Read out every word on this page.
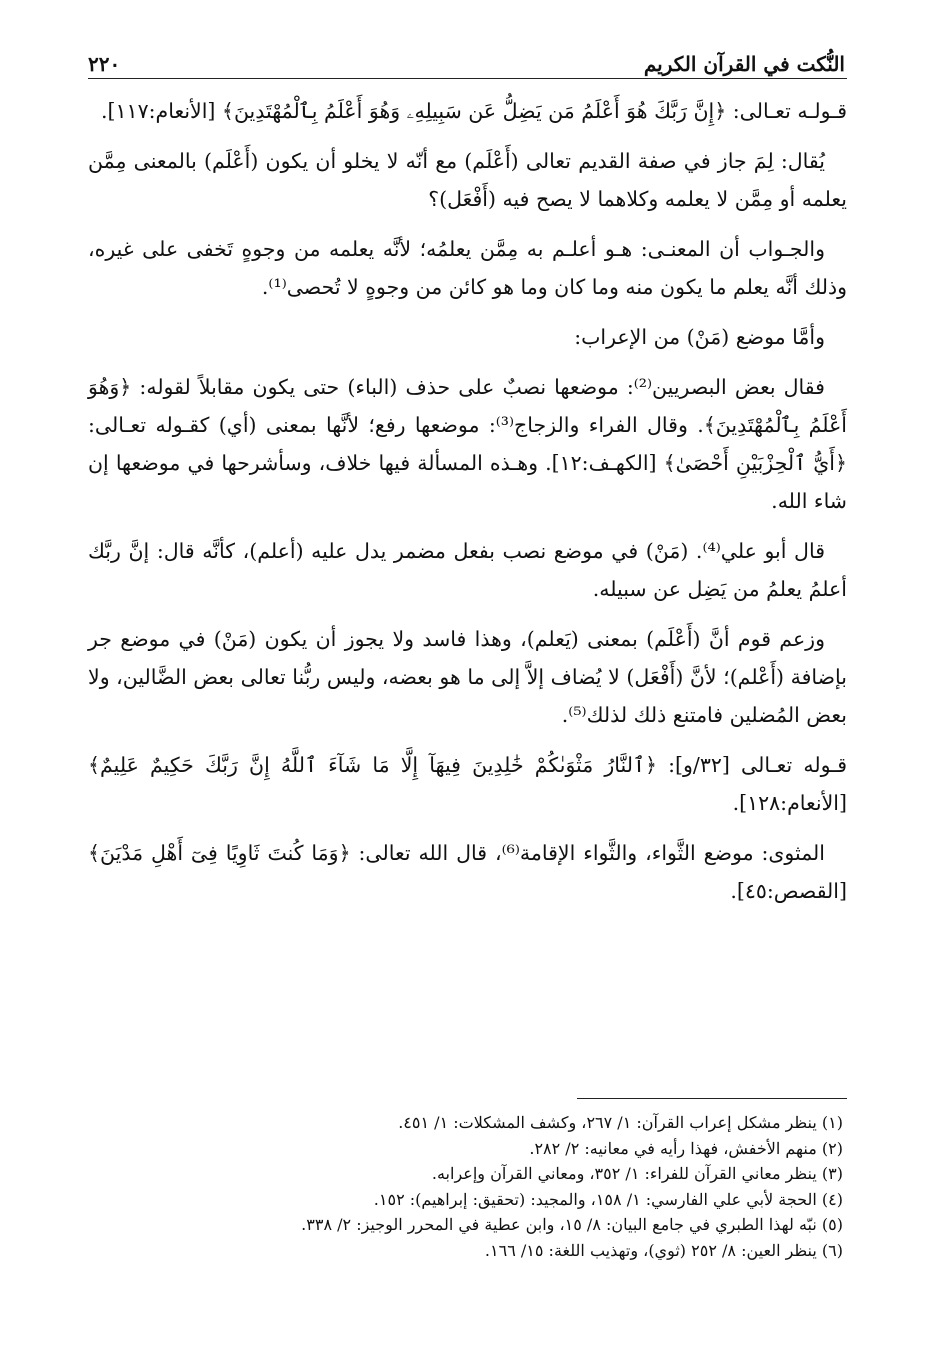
النُّكت في القرآن الكريم
٢٢٠

قـولـه تعـالى: ﴿إِنَّ رَبَّكَ هُوَ أَعْلَمُ مَن يَضِلُّ عَن سَبِيلِهِۦ وَهُوَ أَعْلَمُ بِٱلْمُهْتَدِينَ﴾ [الأنعام:١١٧].

يُقال: لِمَ جاز في صفة القديم تعالى (أَعْلَم) مع أنّه لا يخلو أن يكون (أَعْلَم) بالمعنى مِمَّن يعلمه أو مِمَّن لا يعلمه وكلاهما لا يصح فيه (أَفْعَل)؟

والجـواب أن المعنـى: هـو أعلـم به مِمَّن يعلمُه؛ لأنَّه يعلمه من وجوهٍ تَخفى على غيره، وذلك أنَّه يعلم ما يكون منه وما كان وما هو كائن من وجوهٍ لا تُحصى⁽¹⁾.

وأمَّا موضع (مَنْ) من الإعراب:

فقال بعض البصريين⁽²⁾: موضعها نصبٌ على حذف (الباء) حتى يكون مقابلاً لقوله: ﴿وَهُوَ أَعْلَمُ بِٱلْمُهْتَدِينَ﴾. وقال الفراء والزجاج⁽³⁾: موضعها رفع؛ لأنَّها بمعنى (أي) كقـوله تعـالى: ﴿أَيُّ ٱلْحِزْبَيْنِ أَحْصَىٰ﴾ [الكهـف:١٢]. وهـذه المسألة فيها خلاف، وسأشرحها في موضعها إن شاء الله.

قال أبو علي⁽⁴⁾. (مَنْ) في موضع نصب بفعل مضمر يدل عليه (أعلم)، كأنَّه قال: إنَّ ربَّك أعلمُ يعلمُ من يَضِل عن سبيله.

وزعم قوم أنَّ (أَعْلَم) بمعنى (يَعلم)، وهذا فاسد ولا يجوز أن يكون (مَنْ) في موضع جر بإضافة (أَعْلم)؛ لأنَّ (أَفْعَل) لا يُضاف إلاَّ إلى ما هو بعضه، وليس ربُّنا تعالى بعض الضَّالين، ولا بعض المُضلين فامتنع ذلك لذلك⁽⁵⁾.

قـوله تعـالى [٣٢/و]: ﴿ٱلنَّارُ مَثْوَىٰكُمْ خَٰلِدِينَ فِيهَآ إِلَّا مَا شَآءَ ٱللَّهُ إِنَّ رَبَّكَ حَكِيمٌ عَلِيمٌ﴾ [الأنعام:١٢٨].

المثوى: موضع الثَّواء، والثَّواء الإقامة⁽⁶⁾، قال الله تعالى: ﴿وَمَا كُنتَ ثَاوِيًا فِىٓ أَهْلِ مَدْيَنَ﴾ [القصص:٤٥].

(١) ينظر مشكل إعراب القرآن: ١/ ٢٦٧، وكشف المشكلات: ١/ ٤٥١.
(٢) منهم الأخفش، فهذا رأيه في معانيه: ٢/ ٢٨٢.
(٣) ينظر معاني القرآن للفراء: ١/ ٣٥٢، ومعاني القرآن وإعرابه.
(٤) الحجة لأبي علي الفارسي: ١/ ١٥٨، والمجيد: (تحقيق: إبراهيم): ١٥٢.
(٥) نبّه لهذا الطبري في جامع البيان: ٨/ ١٥، وابن عطية في المحرر الوجيز: ٢/ ٣٣٨.
(٦) ينظر العين: ٨/ ٢٥٢ (ثوي)، وتهذيب اللغة: ١٥/ ١٦٦.
